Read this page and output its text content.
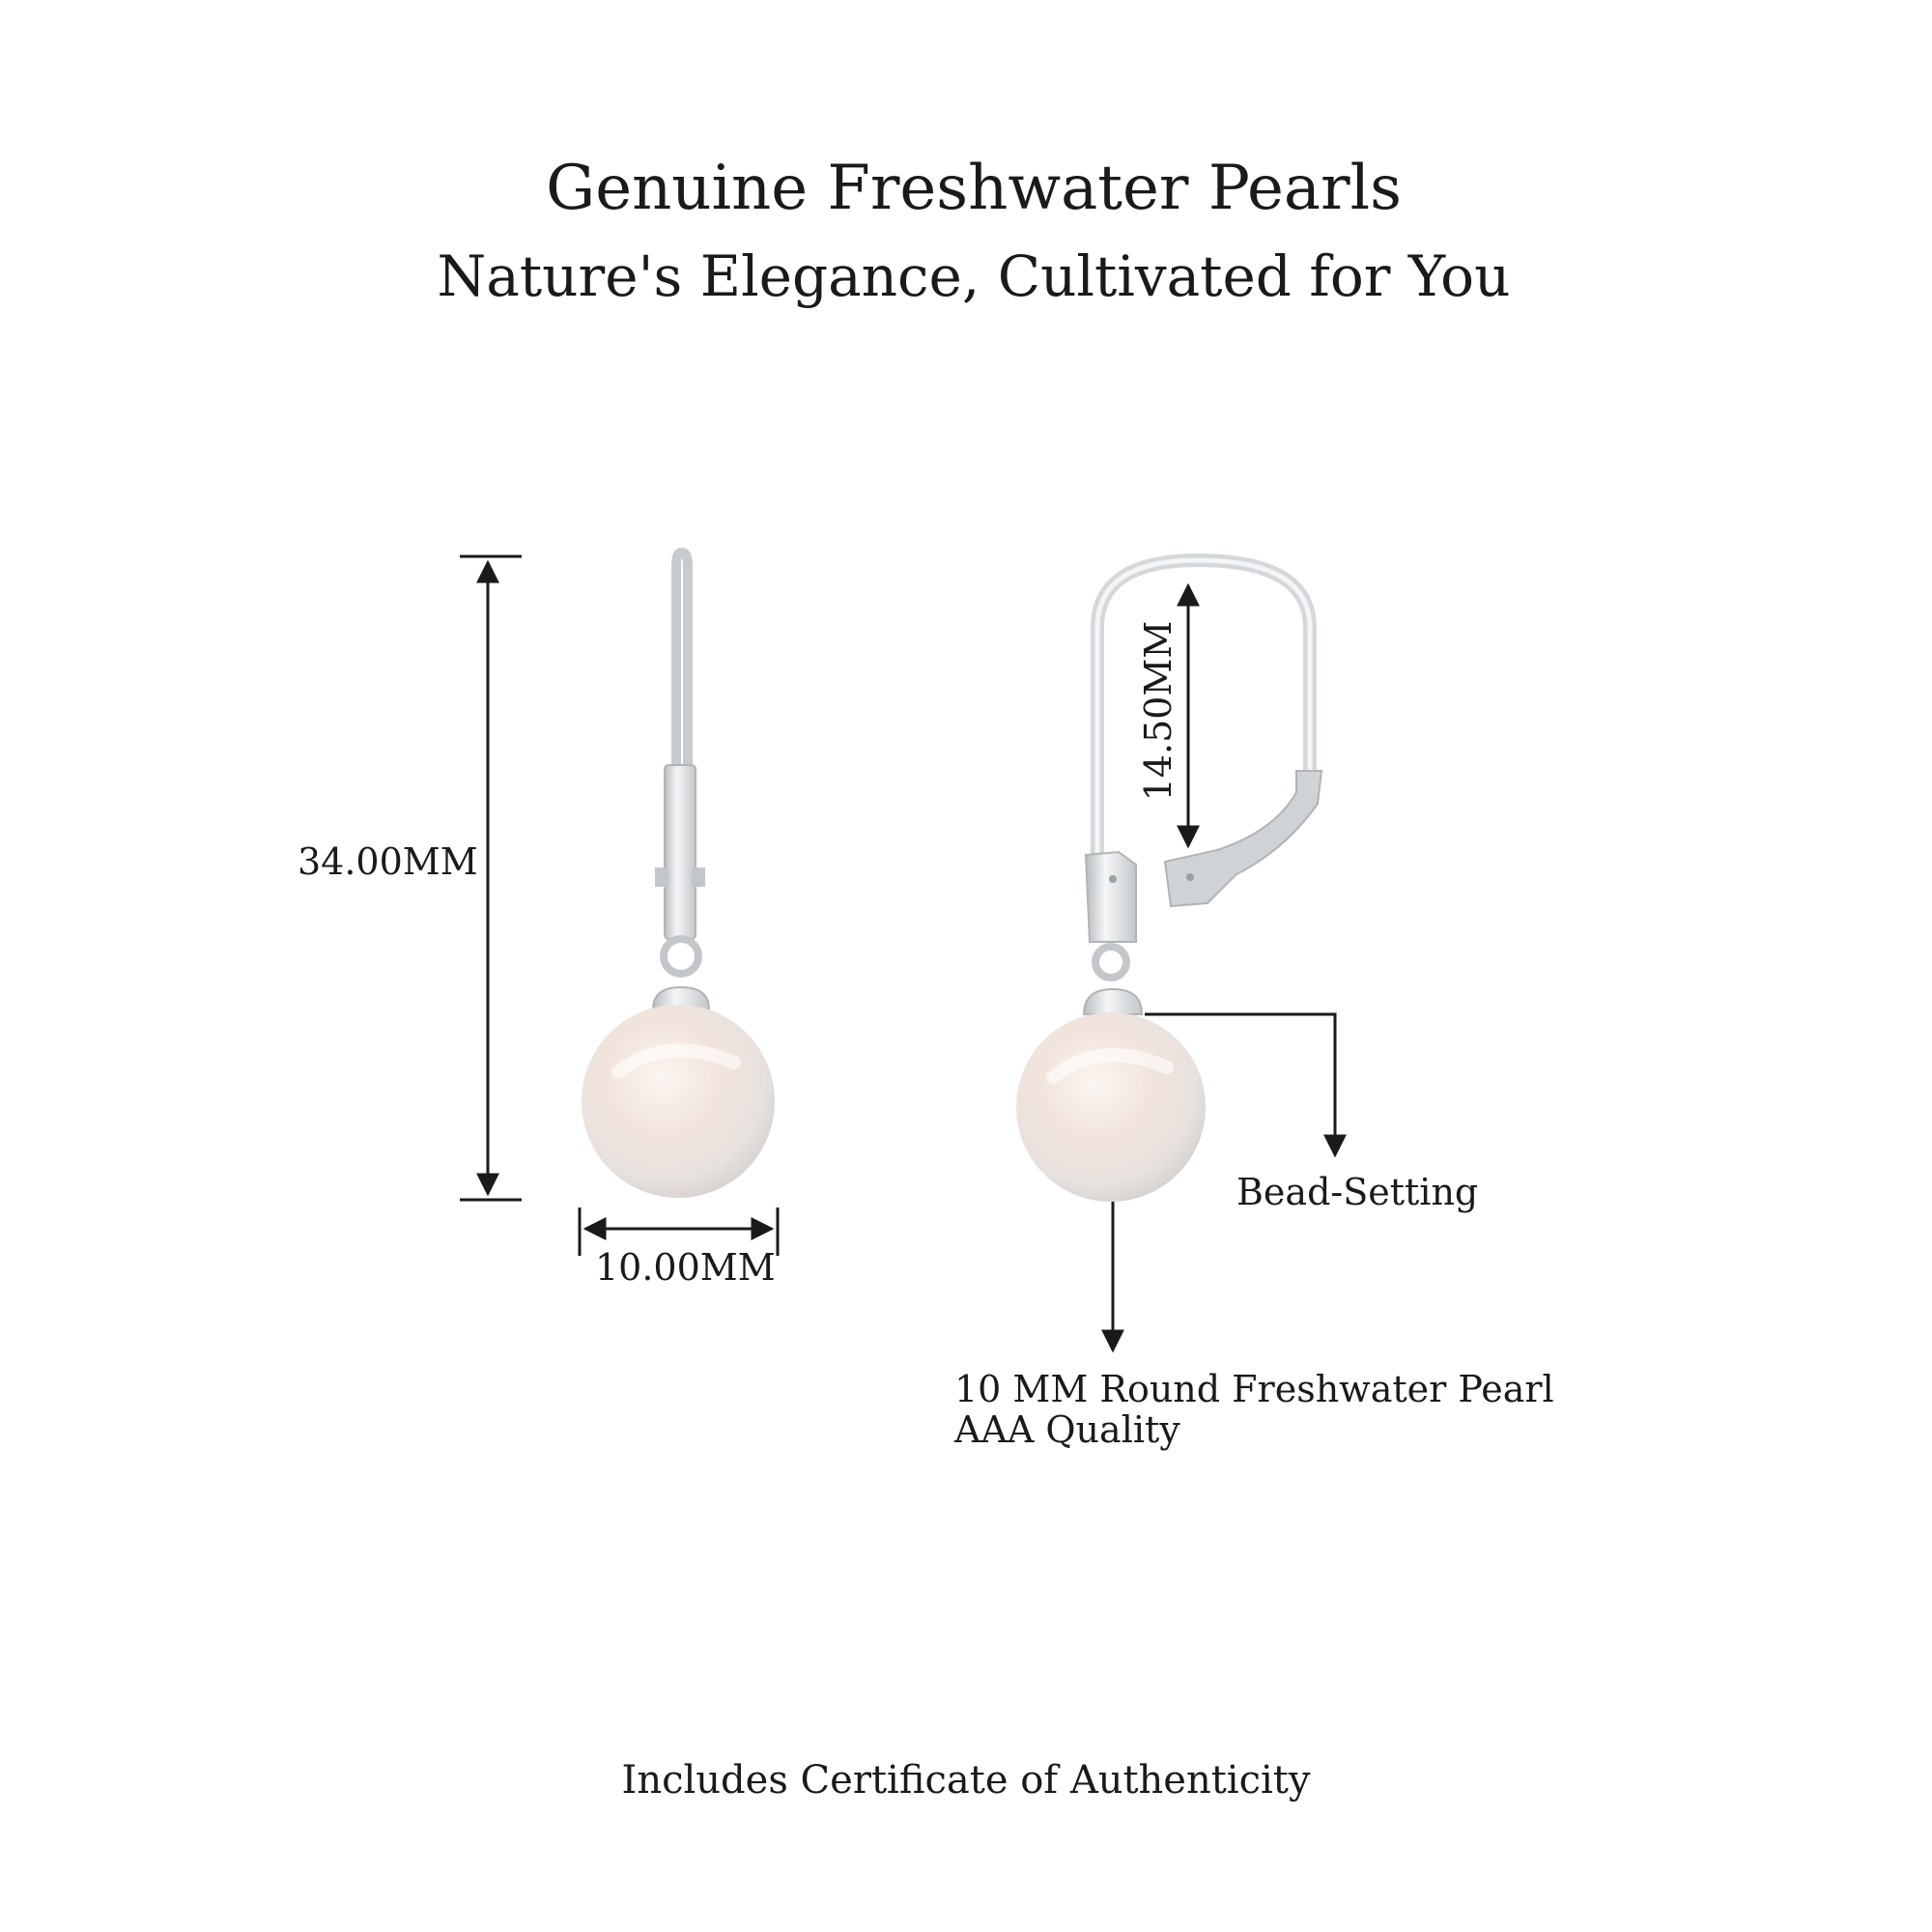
Genuine Freshwater Pearls
Nature's Elegance, Cultivated for You
34.00MM
10.00MM
14.50MM
Bead-Setting
10 MM Round Freshwater Pearl
AAA Quality
Includes Certificate of Authenticity
